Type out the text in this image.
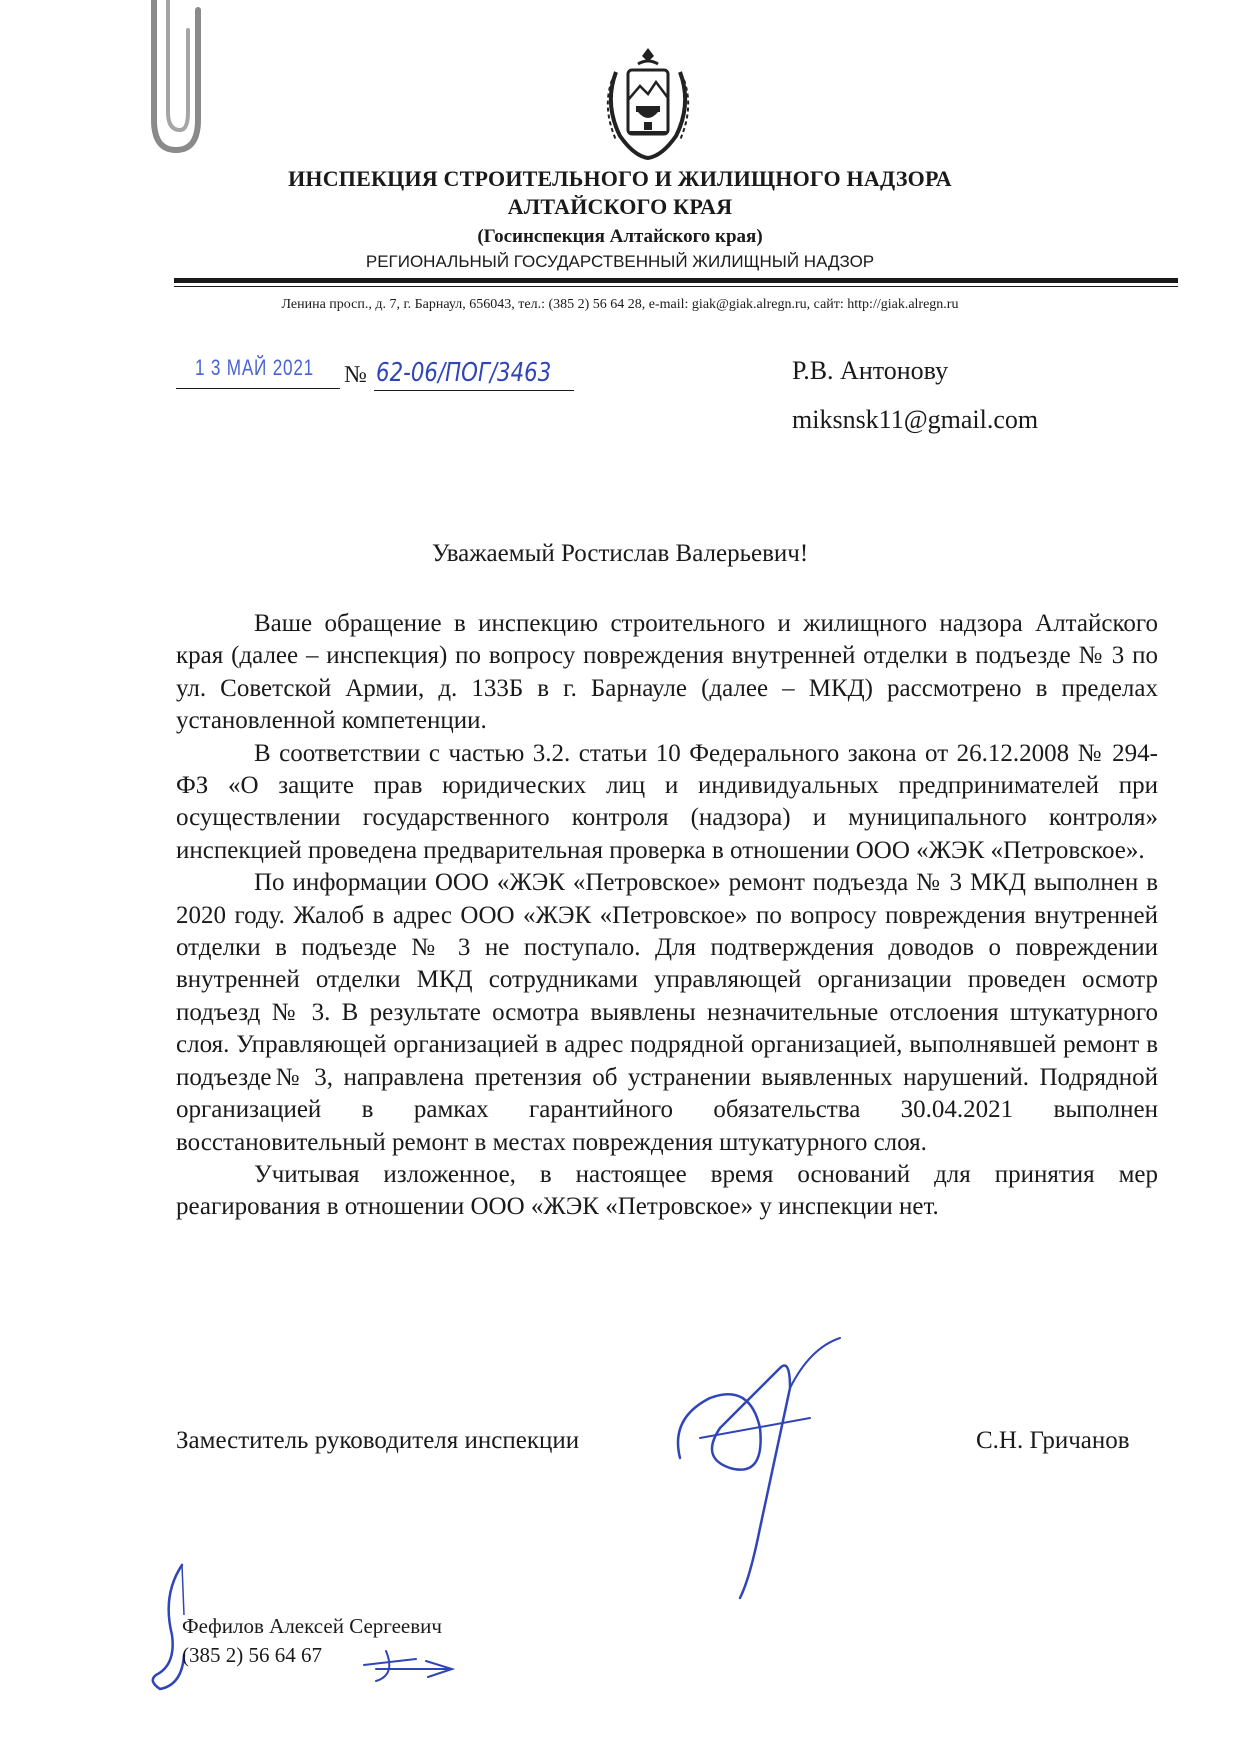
ИНСПЕКЦИЯ СТРОИТЕЛЬНОГО И ЖИЛИЩНОГО НАДЗОРА
АЛТАЙСКОГО КРАЯ
(Госинспекция Алтайского края)
РЕГИОНАЛЬНЫЙ ГОСУДАРСТВЕННЫЙ ЖИЛИЩНЫЙ НАДЗОР
Ленина просп., д. 7, г. Барнаул, 656043, тел.: (385 2) 56 64 28, e-mail: giak@giak.alregn.ru, сайт: http://giak.alregn.ru
1 3 МАЙ 2021 № 62-06/ПОГ/3463	Р.В. Антонову
miksnsk11@gmail.com
Уважаемый Ростислав Валерьевич!

Ваше обращение в инспекцию строительного и жилищного надзора Алтайского края (далее – инспекция) по вопросу повреждения внутренней отделки в подъезде № 3 по ул. Советской Армии, д. 133Б в г. Барнауле (далее – МКД) рассмотрено в пределах установленной компетенции.

В соответствии с частью 3.2. статьи 10 Федерального закона от 26.12.2008 № 294-ФЗ «О защите прав юридических лиц и индивидуальных предпринимателей при осуществлении государственного контроля (надзора) и муниципального контроля» инспекцией проведена предварительная проверка в отношении ООО «ЖЭК «Петровское».

По информации ООО «ЖЭК «Петровское» ремонт подъезда № 3 МКД выполнен в 2020 году. Жалоб в адрес ООО «ЖЭК «Петровское» по вопросу повреждения внутренней отделки в подъезде № 3 не поступало. Для подтверждения доводов о повреждении внутренней отделки МКД сотрудниками управляющей организации проведен осмотр подъезд № 3. В результате осмотра выявлены незначительные отслоения штукатурного слоя. Управляющей организацией в адрес подрядной организацией, выполнявшей ремонт в подъезде№ 3, направлена претензия об устранении выявленных нарушений. Подрядной организацией в рамках гарантийного обязательства 30.04.2021 выполнен восстановительный ремонт в местах повреждения штукатурного слоя.

Учитывая изложенное, в настоящее время оснований для принятия мер реагирования в отношении ООО «ЖЭК «Петровское» у инспекции нет.

Заместитель руководителя инспекции	С.Н. Гричанов
Фефилов Алексей Сергеевич
(385 2) 56 64 67
